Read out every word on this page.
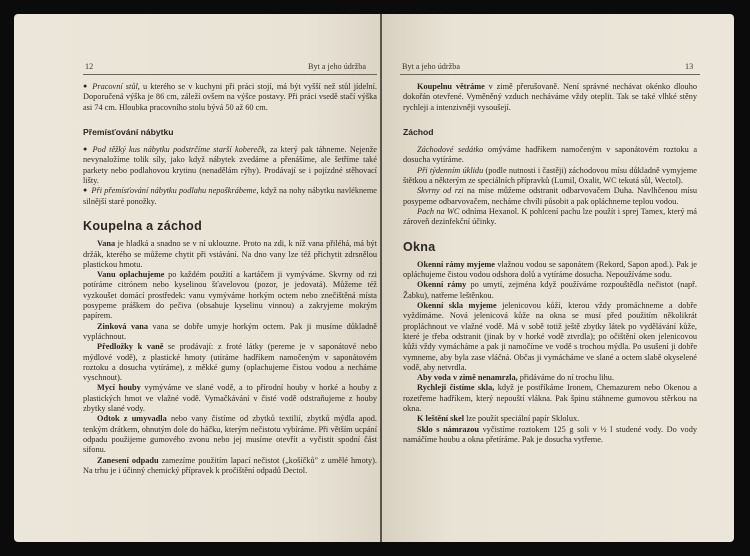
12	Byt a jeho údržba

● Pracovní stůl, u kterého se v kuchyni při práci stojí, má být vyšší než stůl jídelní. Doporučená výška je 86 cm, záleží ovšem na výšce postavy. Při práci vsedě stačí výška asi 74 cm. Hloubka pracovního stolu bývá 50 až 60 cm.

Přemísťování nábytku

● Pod těžký kus nábytku podstrčíme starší koberečk, za který pak táhneme. Nejenže nevynaložíme tolik síly, jako když nábytek zvedáme a přenášíme, ale šetříme také parkety nebo podlahovou krytinu (nenadělám rýhy). Prodávají se i pojízdné stěhovací lišty.

● Při přemísťování nábytku podlahu nepoškrábeme, když na nohy nábytku navlékneme silnější staré ponožky.

Koupelna a záchod

Vana je hladká a snadno se v ní uklouzne. Proto na zdi, k níž vana přiléhá, má být držák, kterého se můžeme chytit při vstávání. Na dno vany lze též přichytit zdrsnělou plastickou hmotu.

Vanu oplachujeme po každém použití a kartáčem ji vymýváme. Skvrny od rzi potíráme citrónem nebo kyselinou šťavelovou (pozor, je jedovatá). Můžeme též vyzkoušet domácí prostředek: vanu vymýváme horkým octem nebo znečištěná místa posypeme práškem do pečiva (obsahuje kyselinu vinnou) a zakryjeme mokrým papírem.

Zinková vana vana se dobře umyje horkým octem. Pak ji musíme důkladně vypláchnout.

Předložky k vaně se prodávají: z froté látky (pereme je v saponátové nebo mýdlové vodě), z plastické hmoty (utíráme hadříkem namočeným v saponátovém roztoku a dosucha vytíráme), z měkké gumy (oplachujeme čistou vodou a necháme vyschnout).

Mycí houby vymýváme ve slané vodě, a to přírodní houby v horké a houby z plastických hmot ve vlažné vodě. Vymačkávání v čisté vodě odstraňujeme z houby zbytky slané vody.

Odtok z umyvadla nebo vany čistíme od zbytků textilií, zbytků mýdla apod. tenkým drátkem, ohnutým dole do háčku, kterým nečistotu vybíráme. Při větším ucpání odpadu použijeme gumového zvonu nebo jej musíme otevřít a vyčistit spodní část sifonu.

Zanesení odpadu zamezíme použitím lapací nečistot („košíčků" z umělé hmoty). Na trhu je i účinný chemický přípravek k pročištění odpadů Dectol.

Byt a jeho údržba	13

Koupelnu větráme v zimě přerušovaně. Není správné nechávat okénko dlouho dokořán otevřené. Vyměněný vzduch necháváme vždy oteplit. Tak se také vlhké stěny rychleji a intenzivněji vysoušejí.

Záchod

Záchodové sedátko omýváme hadříkem namočeným v saponátovém roztoku a dosucha vytíráme.

Při týdenním úklidu (podle nutnosti i častěji) záchodovou mísu důkladně vymyjeme štětkou a některým ze speciálních přípravků (Lumil, Oxalit, WC tekutá sůl, Wectol).

Skvrny od rzi na míse můžeme odstranit odbarvovačem Duha. Navlhčenou mísu posypeme odbarvovačem, necháme chvíli působit a pak opláchneme teplou vodou.

Pach na WC odníma Hexanol. K pohlcení pachu lze použít i sprej Tamex, který má zároveň dezinfekční účinky.

Okna

Okenní rámy myjeme vlažnou vodou se saponátem (Rekord, Sapon apod.). Pak je opláchujeme čistou vodou odshora dolů a vytíráme dosucha. Nepoužíváme sodu.

Okenní rámy po umytí, zejména když používáme rozpouštědla nečistot (např. Žabku), natřeme leštěnkou.

Okenní skla myjeme jelenicovou kůží, kterou vždy promáchneme a dobře vyždímáme. Nová jelenicová kůže na okna se musí před použitím několikrát propláchnout ve vlažné vodě. Má v sobě totiž ještě zbytky látek po vydělávání kůže, které je třeba odstranit (jinak by v horké vodě ztvrdla); po očištění oken jelenicovou kůži vždy vymácháme a pak ji namočíme ve vodě s trochou mýdla. Po usušení ji dobře vymneme, aby byla zase vláčná. Občas ji vymácháme ve slané a octem slabě okyselené vodě, aby netvrdla.

Aby voda v zimě nenamrzla, přidáváme do ní trochu lihu.

Rychleji čistíme skla, když je postříkáme Ironem, Chemazurem nebo Okenou a rozetřeme hadříkem, který nepouští vlákna. Pak špinu stáhneme gumovou stěrkou na okna.

K leštění skel lze použít speciální papír Sklolux.

Sklo s námrazou vyčistíme roztokem 125 g soli v ½ l studené vody. Do vody namáčíme houbu a okna přetíráme. Pak je dosucha vytřeme.
